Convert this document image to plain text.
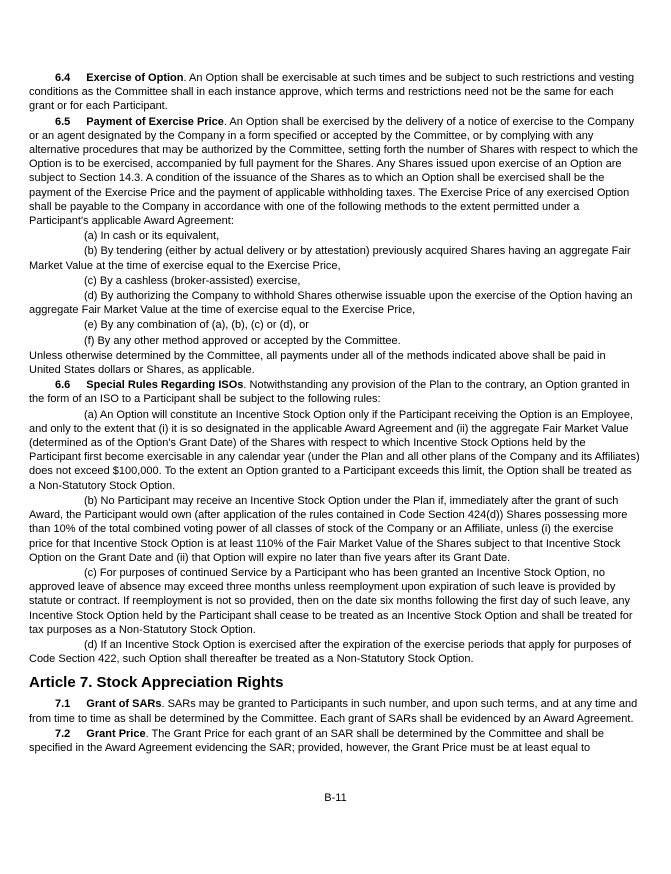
6.4 Exercise of Option. An Option shall be exercisable at such times and be subject to such restrictions and vesting conditions as the Committee shall in each instance approve, which terms and restrictions need not be the same for each grant or for each Participant.

6.5 Payment of Exercise Price. An Option shall be exercised by the delivery of a notice of exercise to the Company or an agent designated by the Company in a form specified or accepted by the Committee, or by complying with any alternative procedures that may be authorized by the Committee, setting forth the number of Shares with respect to which the Option is to be exercised, accompanied by full payment for the Shares. Any Shares issued upon exercise of an Option are subject to Section 14.3. A condition of the issuance of the Shares as to which an Option shall be exercised shall be the payment of the Exercise Price and the payment of applicable withholding taxes. The Exercise Price of any exercised Option shall be payable to the Company in accordance with one of the following methods to the extent permitted under a Participant's applicable Award Agreement:

(a) In cash or its equivalent,

(b) By tendering (either by actual delivery or by attestation) previously acquired Shares having an aggregate Fair Market Value at the time of exercise equal to the Exercise Price,

(c) By a cashless (broker-assisted) exercise,

(d) By authorizing the Company to withhold Shares otherwise issuable upon the exercise of the Option having an aggregate Fair Market Value at the time of exercise equal to the Exercise Price,

(e) By any combination of (a), (b), (c) or (d), or

(f) By any other method approved or accepted by the Committee.

Unless otherwise determined by the Committee, all payments under all of the methods indicated above shall be paid in United States dollars or Shares, as applicable.

6.6 Special Rules Regarding ISOs. Notwithstanding any provision of the Plan to the contrary, an Option granted in the form of an ISO to a Participant shall be subject to the following rules:

(a) An Option will constitute an Incentive Stock Option only if the Participant receiving the Option is an Employee, and only to the extent that (i) it is so designated in the applicable Award Agreement and (ii) the aggregate Fair Market Value (determined as of the Option's Grant Date) of the Shares with respect to which Incentive Stock Options held by the Participant first become exercisable in any calendar year (under the Plan and all other plans of the Company and its Affiliates) does not exceed $100,000. To the extent an Option granted to a Participant exceeds this limit, the Option shall be treated as a Non-Statutory Stock Option.

(b) No Participant may receive an Incentive Stock Option under the Plan if, immediately after the grant of such Award, the Participant would own (after application of the rules contained in Code Section 424(d)) Shares possessing more than 10% of the total combined voting power of all classes of stock of the Company or an Affiliate, unless (i) the exercise price for that Incentive Stock Option is at least 110% of the Fair Market Value of the Shares subject to that Incentive Stock Option on the Grant Date and (ii) that Option will expire no later than five years after its Grant Date.

(c) For purposes of continued Service by a Participant who has been granted an Incentive Stock Option, no approved leave of absence may exceed three months unless reemployment upon expiration of such leave is provided by statute or contract. If reemployment is not so provided, then on the date six months following the first day of such leave, any Incentive Stock Option held by the Participant shall cease to be treated as an Incentive Stock Option and shall be treated for tax purposes as a Non-Statutory Stock Option.

(d) If an Incentive Stock Option is exercised after the expiration of the exercise periods that apply for purposes of Code Section 422, such Option shall thereafter be treated as a Non-Statutory Stock Option.

Article 7. Stock Appreciation Rights

7.1 Grant of SARs. SARs may be granted to Participants in such number, and upon such terms, and at any time and from time to time as shall be determined by the Committee. Each grant of SARs shall be evidenced by an Award Agreement.

7.2 Grant Price. The Grant Price for each grant of an SAR shall be determined by the Committee and shall be specified in the Award Agreement evidencing the SAR; provided, however, the Grant Price must be at least equal to

B-11
